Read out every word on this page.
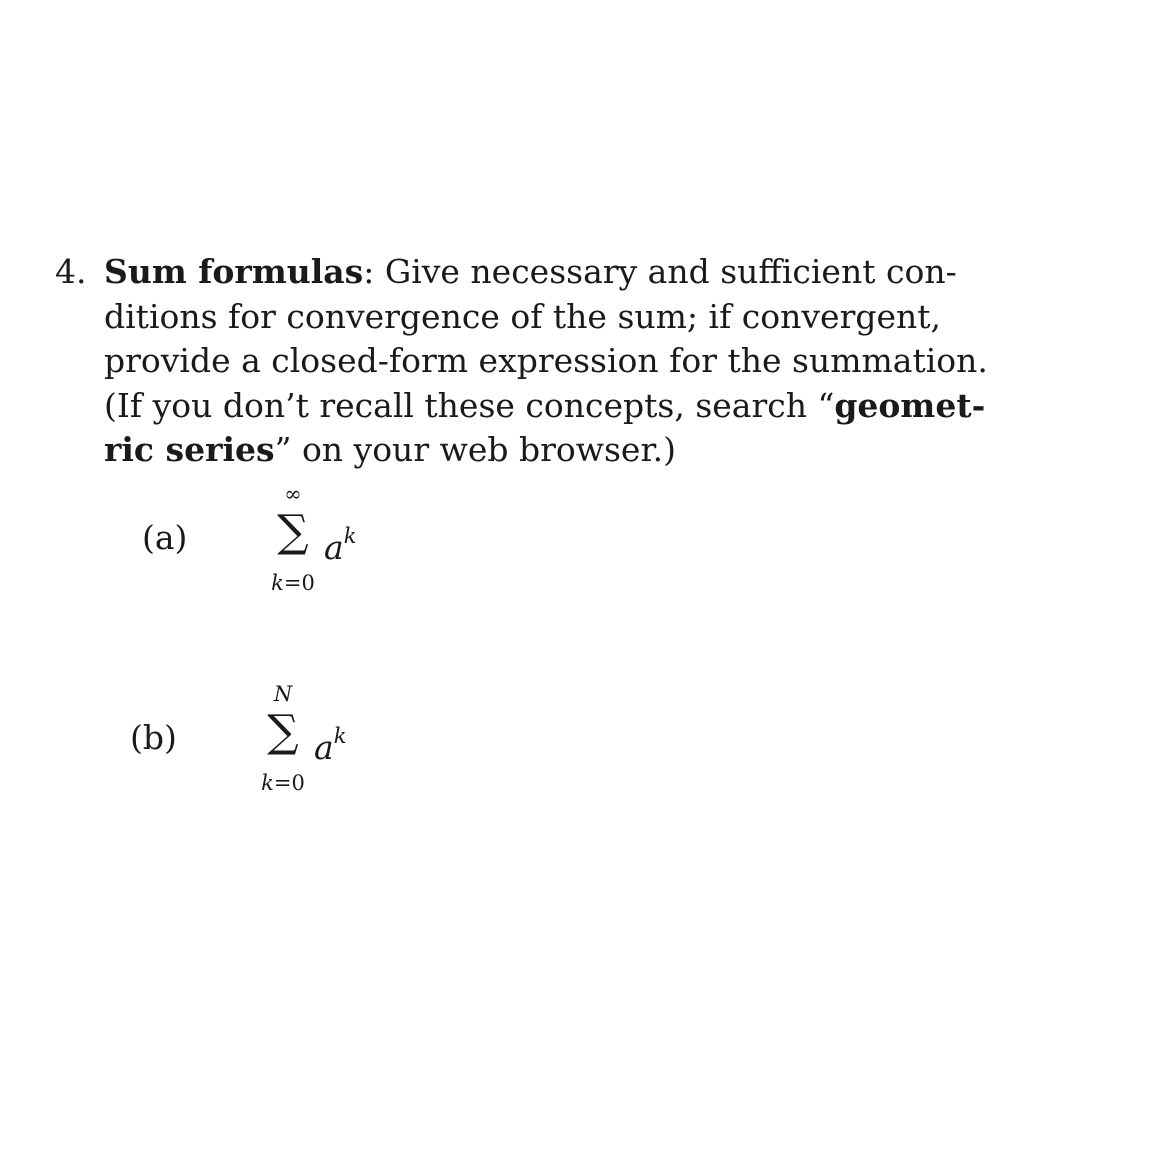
4. Sum formulas: Give necessary and sufficient con-
ditions for convergence of the sum; if convergent,
provide a closed-form expression for the summation.
(If you don’t recall these concepts, search “geomet-
ric series” on your web browser.)
(a)
∞
∑
k=0
$a^k$
(b)
N
∑
k=0
$a^k$
